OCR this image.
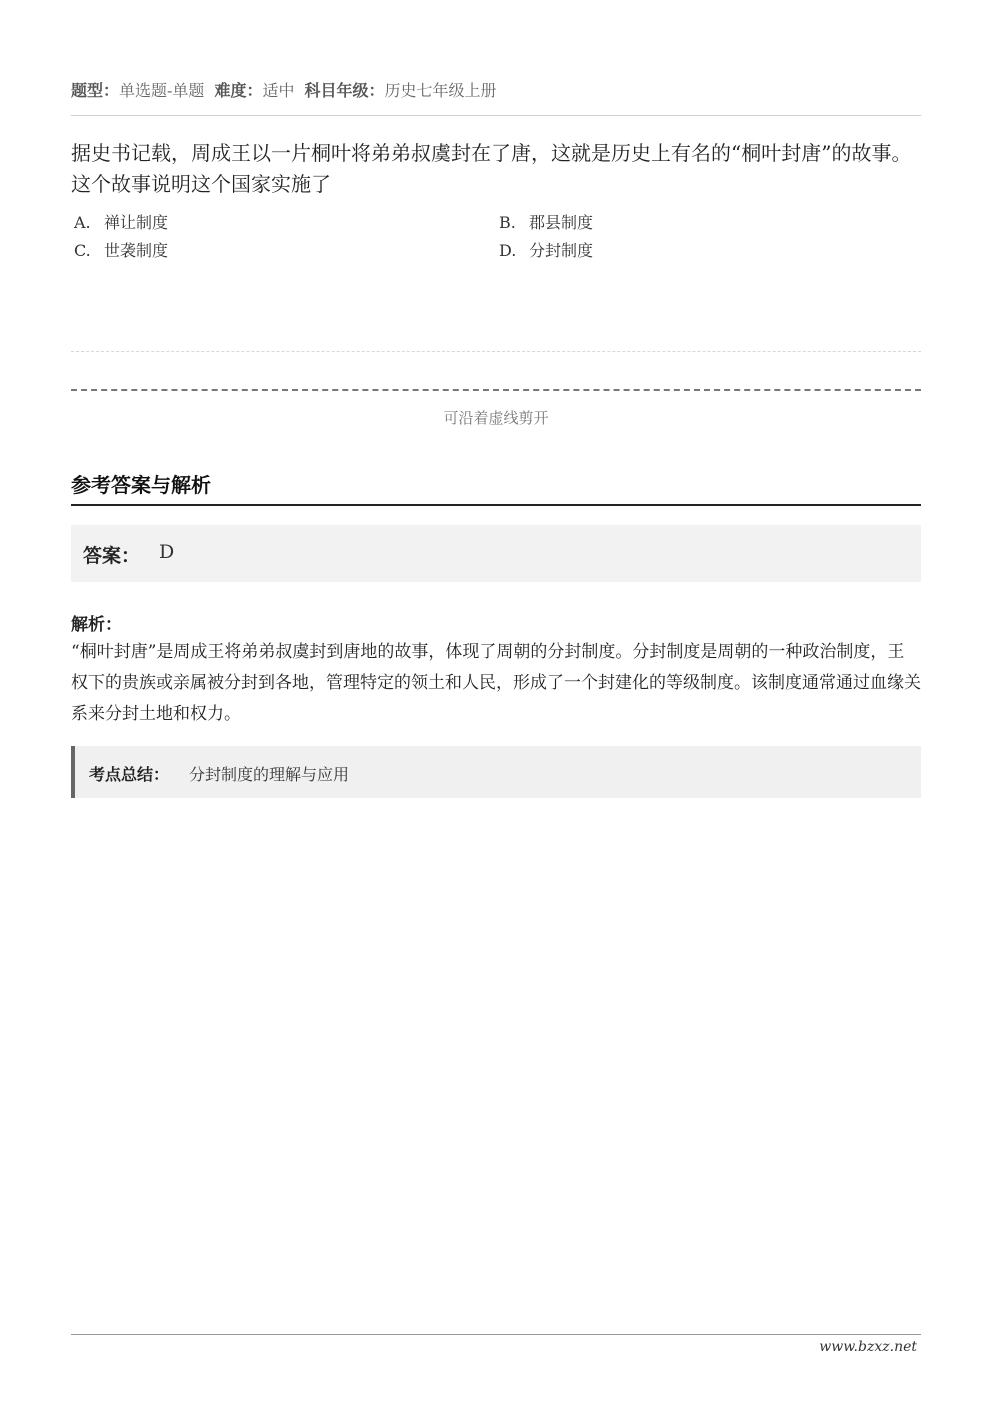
题型：单选题-单题 难度：适中 科目年级：历史七年级上册
据史书记载，周成王以一片桐叶将弟弟叔虞封在了唐，这就是历史上有名的“桐叶封唐”的故事。这个故事说明这个国家实施了
A. 禅让制度	B. 郡县制度
C. 世袭制度	D. 分封制度
可沿着虚线剪开
参考答案与解析
答案： D
解析：
“桐叶封唐”是周成王将弟弟叔虞封到唐地的故事，体现了周朝的分封制度。分封制度是周朝的一种政治制度，王权下的贵族或亲属被分封到各地，管理特定的领土和人民，形成了一个封建化的等级制度。该制度通常通过血缘关系来分封土地和权力。
考点总结： 分封制度的理解与应用
www.bzxz.net
